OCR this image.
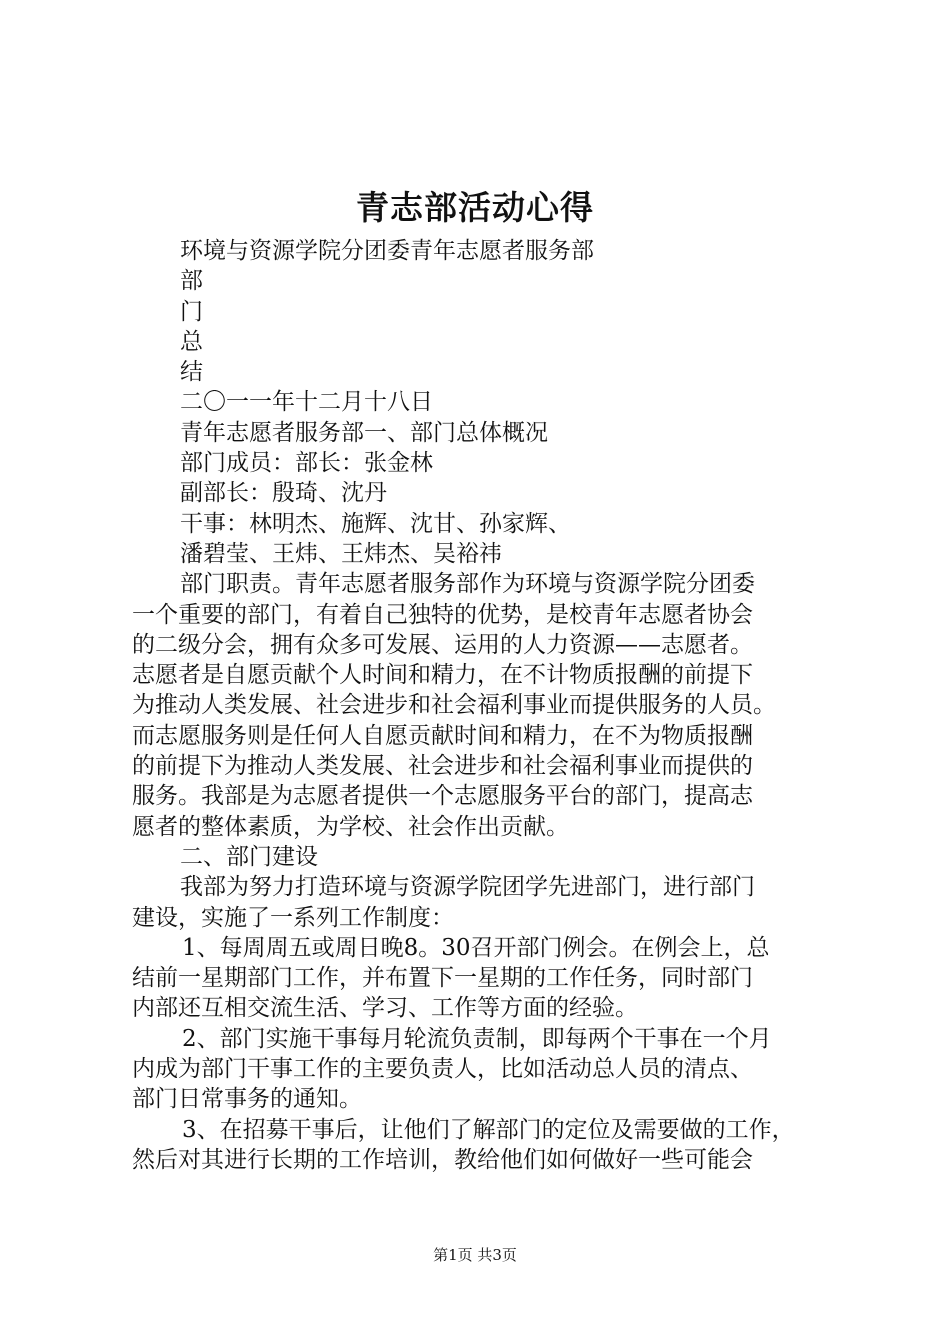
青志部活动心得
环境与资源学院分团委青年志愿者服务部
部
门
总
结
二〇一一年十二月十八日
青年志愿者服务部一、部门总体概况
部门成员：部长：张金林
副部长：殷琦、沈丹
干事：林明杰、施辉、沈甘、孙家辉、
潘碧莹、王炜、王炜杰、吴裕祎
部门职责。青年志愿者服务部作为环境与资源学院分团委
一个重要的部门，有着自己独特的优势，是校青年志愿者协会
的二级分会，拥有众多可发展、运用的人力资源——志愿者。
志愿者是自愿贡献个人时间和精力，在不计物质报酬的前提下
为推动人类发展、社会进步和社会福利事业而提供服务的人员。
而志愿服务则是任何人自愿贡献时间和精力，在不为物质报酬
的前提下为推动人类发展、社会进步和社会福利事业而提供的
服务。我部是为志愿者提供一个志愿服务平台的部门，提高志
愿者的整体素质，为学校、社会作出贡献。
二、部门建设
我部为努力打造环境与资源学院团学先进部门，进行部门
建设，实施了一系列工作制度：
1、每周周五或周日晚8。30召开部门例会。在例会上，总
结前一星期部门工作，并布置下一星期的工作任务，同时部门
内部还互相交流生活、学习、工作等方面的经验。
2、部门实施干事每月轮流负责制，即每两个干事在一个月
内成为部门干事工作的主要负责人，比如活动总人员的清点、
部门日常事务的通知。
3、在招募干事后，让他们了解部门的定位及需要做的工作，
然后对其进行长期的工作培训，教给他们如何做好一些可能会
第1页 共3页
